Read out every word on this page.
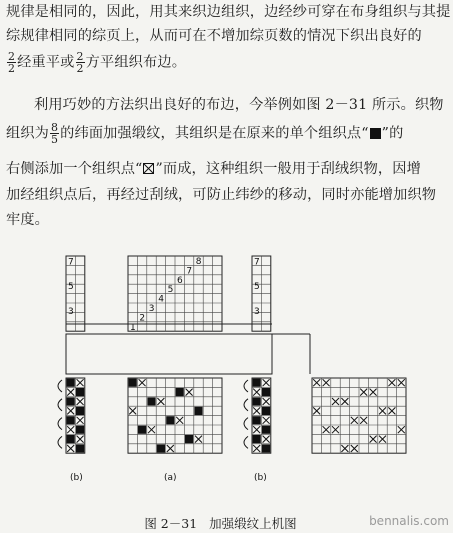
规律是相同的，因此，用其来织边组织，边经纱可穿在布身组织与其提
综规律相同的综页上，从而可在不增加综页数的情况下织出良好的
$\frac{2}{2}$ 经重平或 $\frac{2}{2}$ 方平组织布边。
利用巧妙的方法织出良好的布边，今举例如图 2－31 所示。织物
组织为 $\frac{8}{5}$ 的纬面加强缎纹，其组织是在原来的单个组织点“ ”的
右侧添加一个组织点“ ”而成，这种组织一般用于刮绒织物，因增
加经组织点后，再经过刮绒，可防止纬纱的移动，同时亦能增加织物
牢度。
1
2
3
4
5
6
7
8
7
5
3
7
5
3
(b)	(a)	(b)
图 2－31 加强缎纹上机图	bennalis.com
